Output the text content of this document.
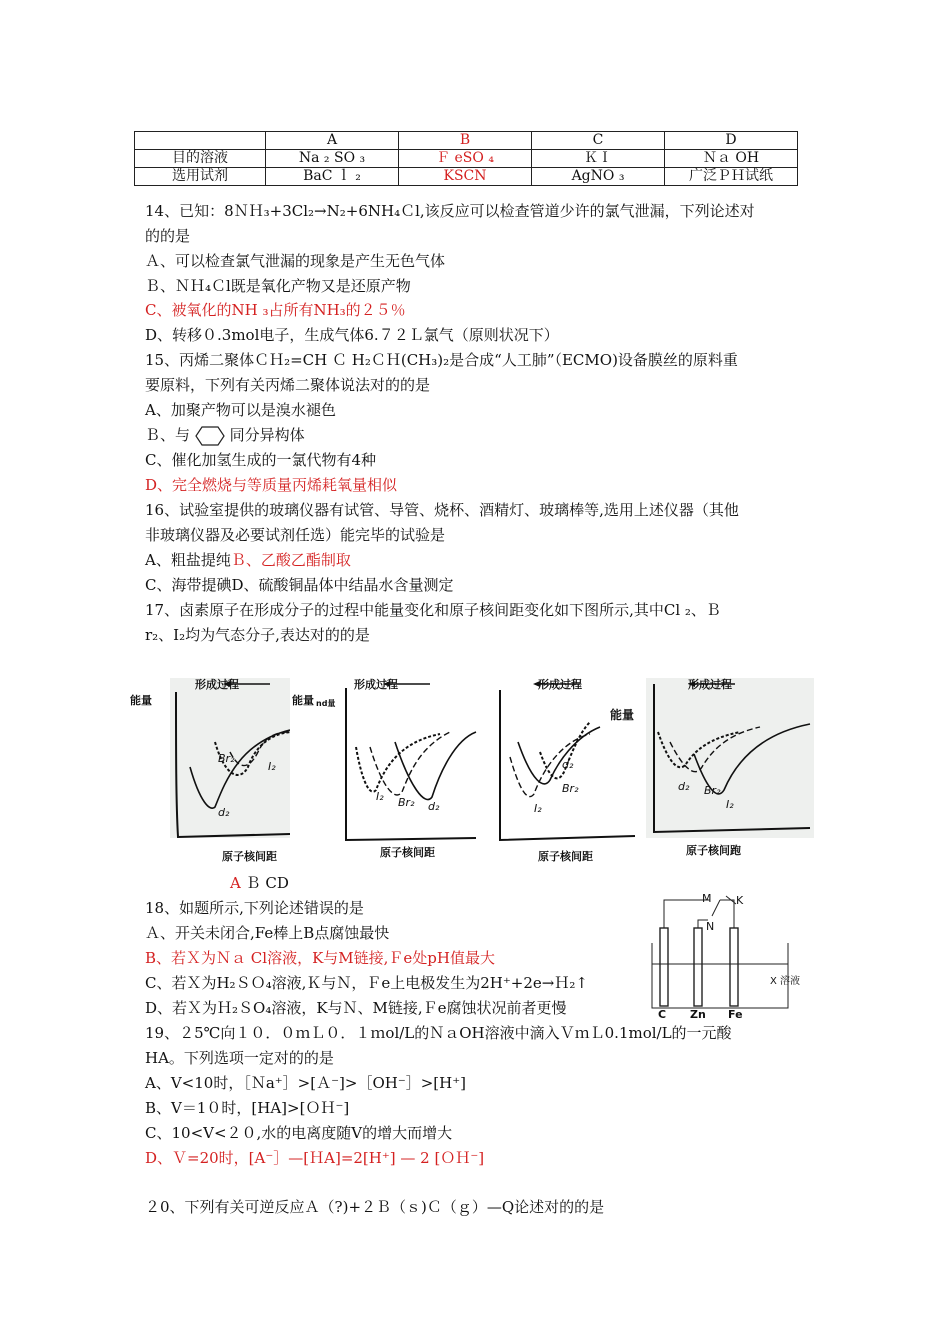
	A	B	C	D
目的溶液	Na ₂ SO ₃	Ｆ eSO ₄	ＫＩ	Ｎａ OH
选用试剂	BaC ｌ ₂	KSCN	AgNO ₃	广泛ＰＨ试纸
14、已知：8ＮＨ₃+3Cl₂→N₂+6NH₄Ｃl,该反应可以检查管道少许的氯气泄漏，下列论述对
的的是
Ａ、可以检查氯气泄漏的现象是产生无色气体
Ｂ、ＮＨ₄Ｃl既是氧化产物又是还原产物
C、被氧化的NH ₃占所有NH₃的２５％
D、转移０.3mol电子，生成气体6.７２Ｌ氯气（原则状况下）
15、丙烯二聚体ＣＨ₂=CH Ｃ H₂ＣＨ(CH₃)₂是合成“人工肺”（ECMO)设备膜丝的原料重
要原料，下列有关丙烯二聚体说法对的的是
A、加聚产物可以是溴水褪色
Ｂ、与	同分异构体
C、催化加氢生成的一氯代物有4种
D、完全燃烧与等质量丙烯耗氧量相似
16、试验室提供的玻璃仪器有试管、导管、烧杯、酒精灯、玻璃棒等,选用上述仪器（其他
非玻璃仪器及必要试剂任选）能完毕的试验是
A、粗盐提纯Ｂ、乙酸乙酯制取
C、海带提碘D、硫酸铜晶体中结晶水含量测定
17、卤素原子在形成分子的过程中能量变化和原子核间距变化如下图所示,其中Cl ₂、Ｂ
r₂、I₂均为气态分子,表达对的的是
能量
Br₂
I₂
d₂
形成过程
原子核间距
能量 nd量
I₂ Br₂ d₂
形成过程
原子核间距
I₂
Br₂
d₂
形成过程
原子核间距
能量
d₂ Br₂
I₂
形成过程
原子核间跑
A Ｂ CD
18、如题所示,下列论述错误的是
Ａ、开关未闭合,Fe棒上B点腐蚀最快
B、若Ｘ为Ｎａ Cl溶液，K与M链接,Ｆe处pH值最大
C、若Ｘ为H₂ＳＯ₄溶液,Ｋ与Ｎ，Ｆe上电极发生为2H⁺+2e→Ｈ₂↑
D、若Ｘ为Ｈ₂ＳO₄溶液，K与Ｎ、M链接,Ｆe腐蚀状况前者更慢
M K
N
X 溶液
C Zn Fe
19、２5℃向１０．０ｍＬ０．１ｍol/L的ＮａOH溶液中滴入ＶｍＬ0.1mol/L的一元酸
HA。下列选项一定对的的是
A、V<10时，［Ｎa⁺］>[Ａ⁻]>［OH⁻］>[H⁺]
B、V＝1０时，[HA]>[ＯＨ⁻]
C、10<V<２０,水的电离度随V的增大而增大
D、Ｖ=20时，[A⁻］—[ＨA]=2[H⁺] — 2 [ＯＨ⁻]
２0、下列有关可逆反应Ａ（?)+２Ｂ（ｓ)Ｃ（ｇ）—Q论述对的的是
